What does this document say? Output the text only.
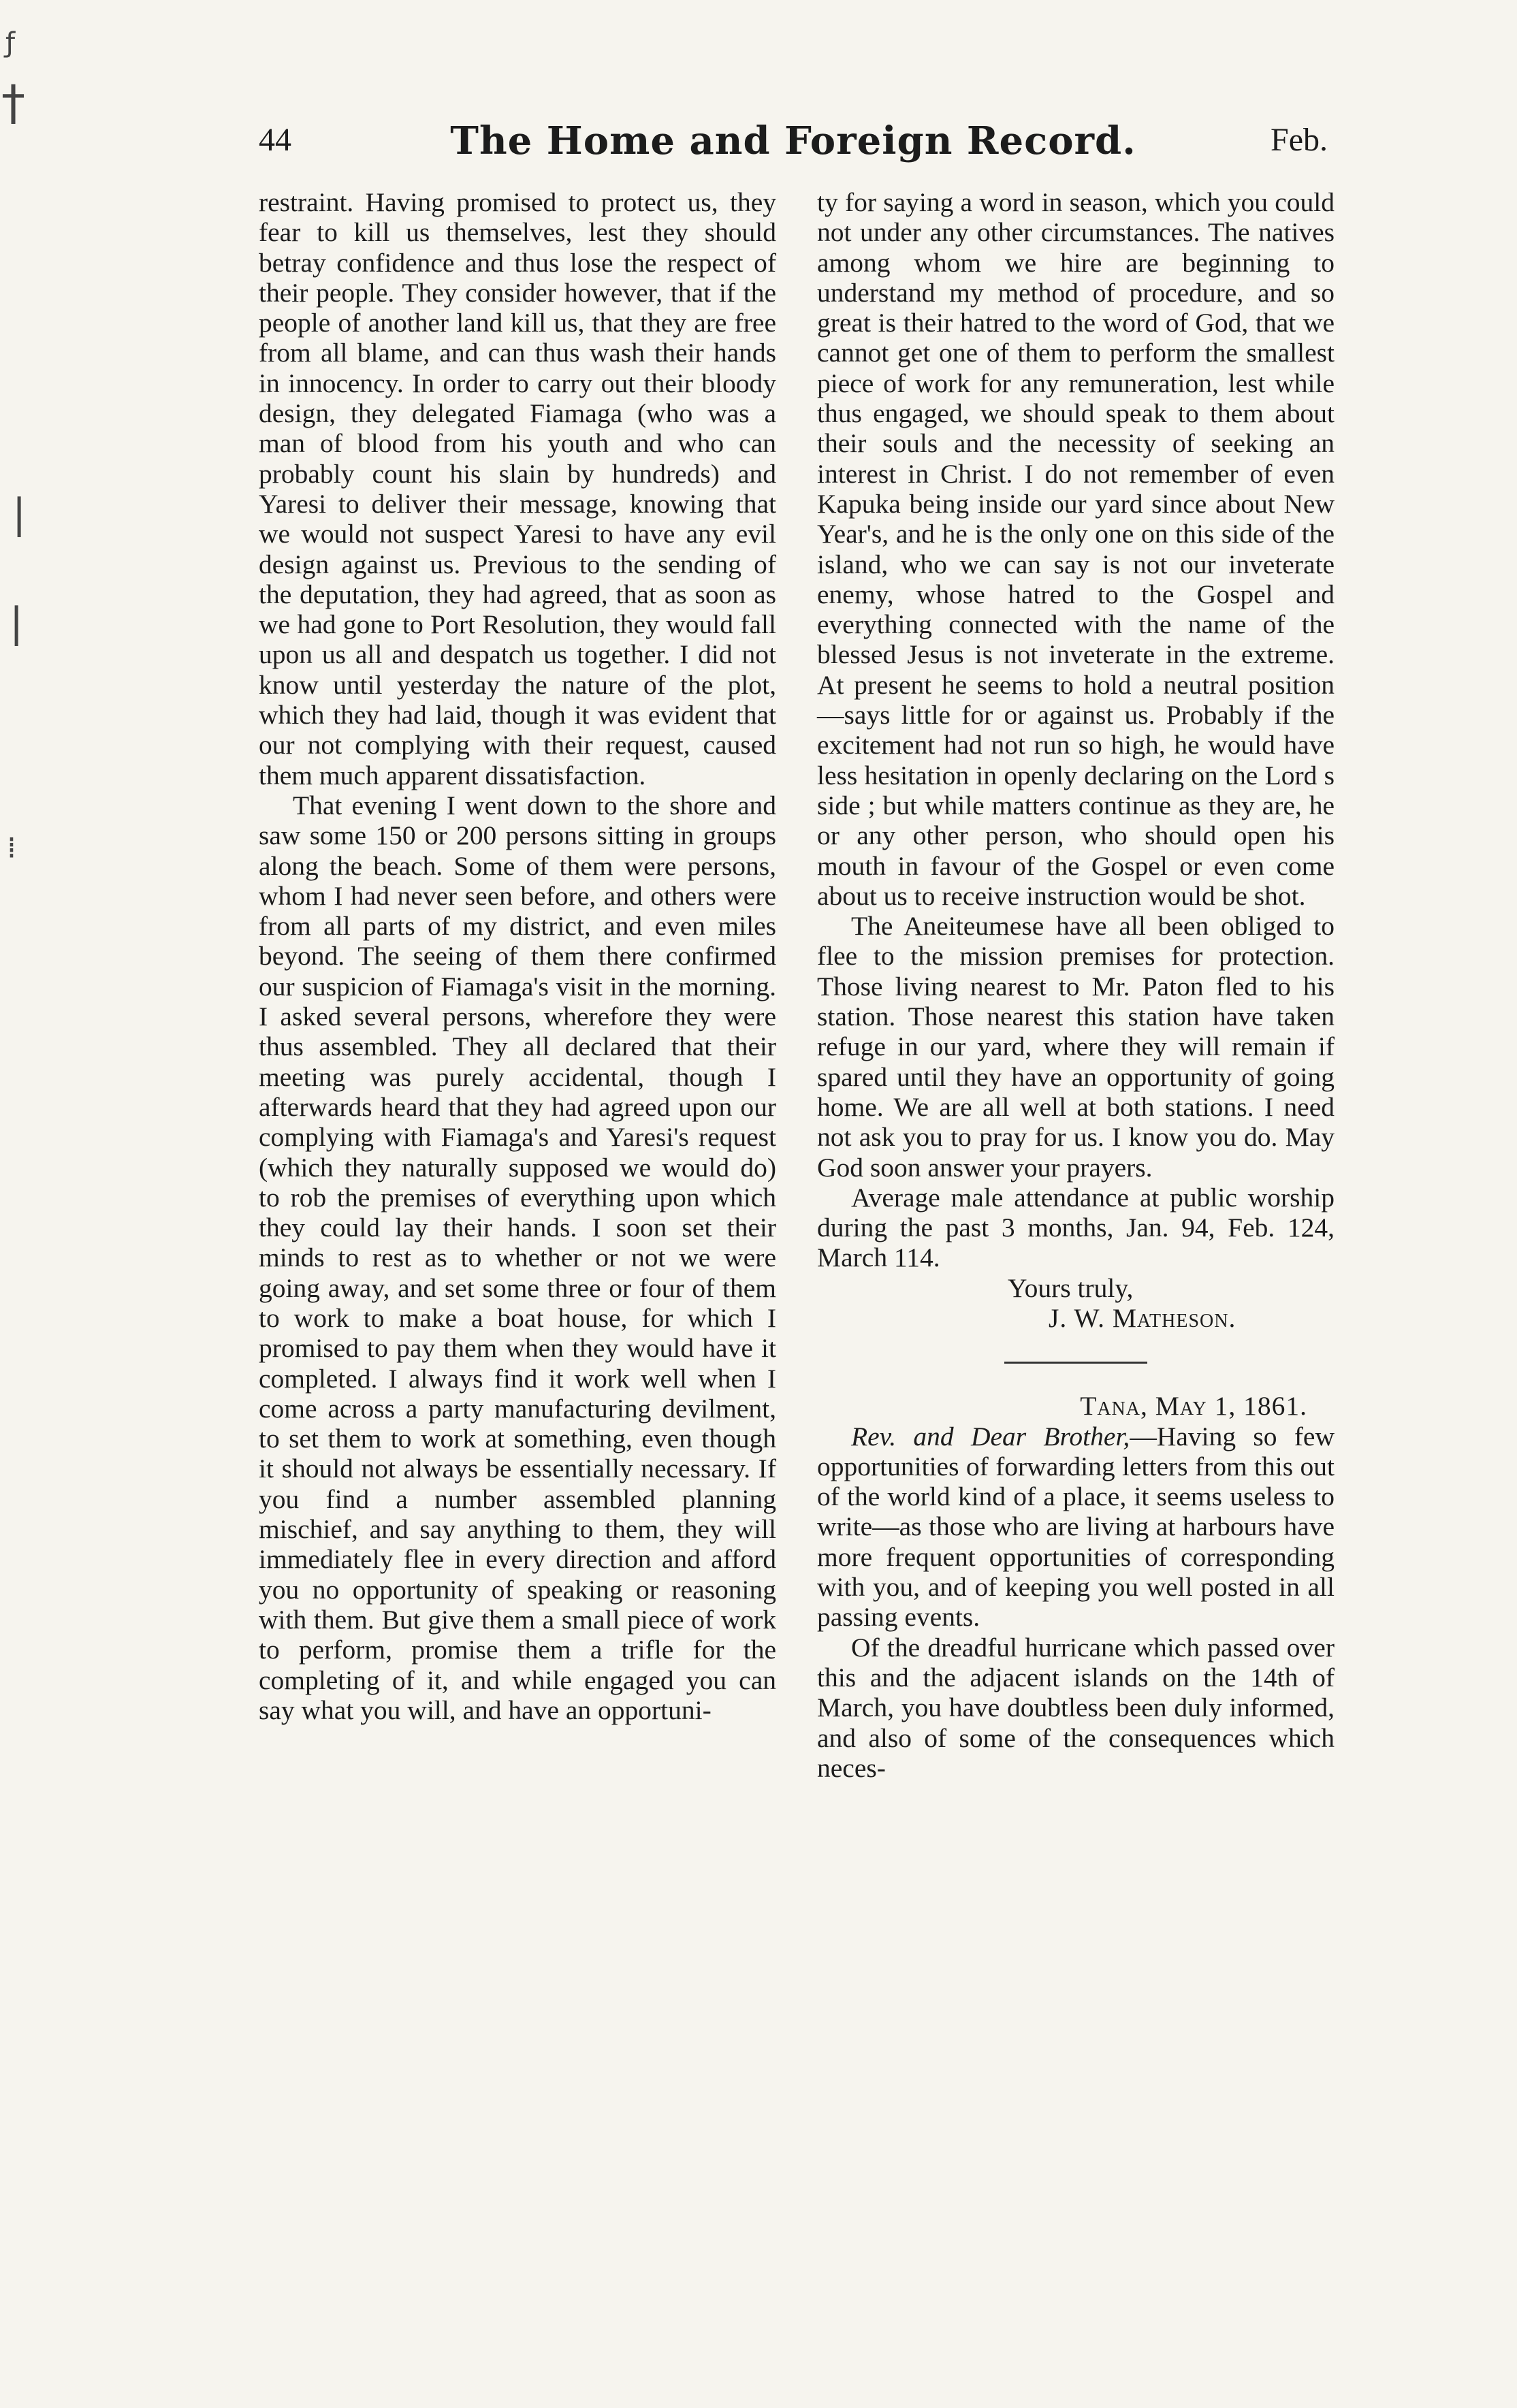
ƒ
†
|
|
⁞
44	The Home and Foreign Record.	Feb.

restraint. Having promised to protect us, they fear to kill us themselves, lest they should betray confidence and thus lose the respect of their people. They consider however, that if the people of another land kill us, that they are free from all blame, and can thus wash their hands in innocency. In order to carry out their bloody design, they delegated Fiamaga (who was a man of blood from his youth and who can probably count his slain by hundreds) and Yaresi to deliver their message, knowing that we would not suspect Yaresi to have any evil design against us. Previous to the sending of the deputation, they had agreed, that as soon as we had gone to Port Resolution, they would fall upon us all and despatch us together. I did not know until yesterday the nature of the plot, which they had laid, though it was evident that our not complying with their request, caused them much apparent dissatisfaction.

That evening I went down to the shore and saw some 150 or 200 persons sitting in groups along the beach. Some of them were persons, whom I had never seen before, and others were from all parts of my district, and even miles beyond. The seeing of them there confirmed our suspicion of Fiamaga's visit in the morning. I asked several persons, wherefore they were thus assembled. They all declared that their meeting was purely accidental, though I afterwards heard that they had agreed upon our complying with Fiamaga's and Yaresi's request (which they naturally supposed we would do) to rob the premises of everything upon which they could lay their hands. I soon set their minds to rest as to whether or not we were going away, and set some three or four of them to work to make a boat house, for which I promised to pay them when they would have it completed. I always find it work well when I come across a party manufacturing devilment, to set them to work at something, even though it should not always be essentially necessary. If you find a number assembled planning mischief, and say anything to them, they will immediately flee in every direction and afford you no opportunity of speaking or reasoning with them. But give them a small piece of work to perform, promise them a trifle for the completing of it, and while engaged you can say what you will, and have an opportuni-

ty for saying a word in season, which you could not under any other circumstances. The natives among whom we hire are beginning to understand my method of procedure, and so great is their hatred to the word of God, that we cannot get one of them to perform the smallest piece of work for any remuneration, lest while thus engaged, we should speak to them about their souls and the necessity of seeking an interest in Christ. I do not remember of even Kapuka being inside our yard since about New Year's, and he is the only one on this side of the island, who we can say is not our inveterate enemy, whose hatred to the Gospel and everything connected with the name of the blessed Jesus is not inveterate in the extreme. At present he seems to hold a neutral position—says little for or against us. Probably if the excitement had not run so high, he would have less hesitation in openly declaring on the Lord s side ; but while matters continue as they are, he or any other person, who should open his mouth in favour of the Gospel or even come about us to receive instruction would be shot.

The Aneiteumese have all been obliged to flee to the mission premises for protection. Those living nearest to Mr. Paton fled to his station. Those nearest this station have taken refuge in our yard, where they will remain if spared until they have an opportunity of going home. We are all well at both stations. I need not ask you to pray for us. I know you do. May God soon answer your prayers.

Average male attendance at public worship during the past 3 months, Jan. 94, Feb. 124, March 114.

Yours truly,

J. W. Matheson.

Tana, May 1, 1861.

Rev. and Dear Brother,—Having so few opportunities of forwarding letters from this out of the world kind of a place, it seems useless to write—as those who are living at harbours have more frequent opportunities of corresponding with you, and of keeping you well posted in all passing events.

Of the dreadful hurricane which passed over this and the adjacent islands on the 14th of March, you have doubtless been duly informed, and also of some of the consequences which neces-
